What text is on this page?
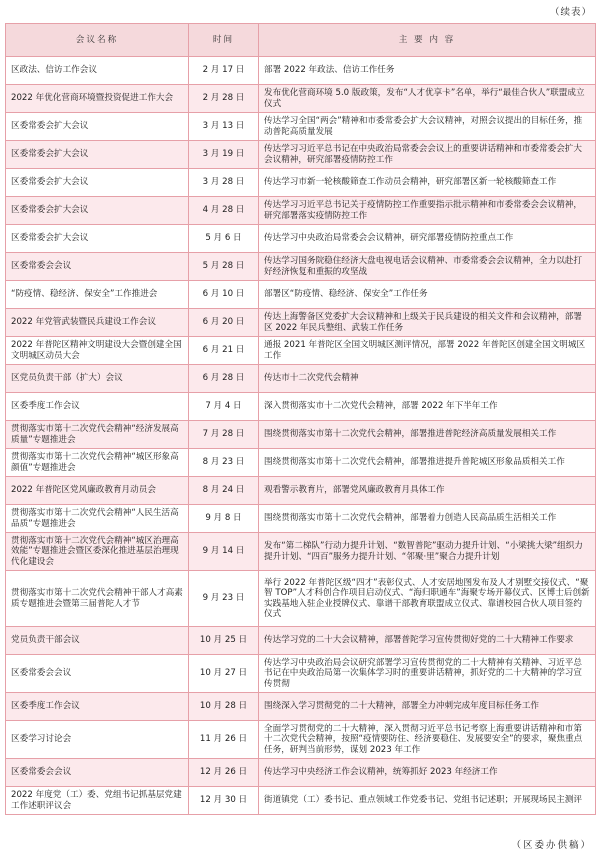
（续表）
会议名称	时间	主 要 内 容
区政法、信访工作会议	2 月 17 日	部署 2022 年政法、信访工作任务
2022 年优化营商环境暨投资促进工作大会	2 月 28 日	发布优化营商环境 5.0 版政策，发布“人才优享卡”名单，举行“最佳合伙人”联盟成立仪式
区委常委会扩大会议	3 月 13 日	传达学习全国“两会”精神和市委常委会扩大会议精神，对照会议提出的目标任务，推动普陀高质量发展
区委常委会扩大会议	3 月 19 日	传达学习习近平总书记在中央政治局常委会会议上的重要讲话精神和市委常委会扩大会议精神，研究部署疫情防控工作
区委常委会扩大会议	3 月 28 日	传达学习市新一轮核酸筛查工作动员会精神，研究部署区新一轮核酸筛查工作
区委常委会扩大会议	4 月 28 日	传达学习习近平总书记关于疫情防控工作重要指示批示精神和市委常委会会议精神，研究部署落实疫情防控工作
区委常委会扩大会议	5 月 6 日	传达学习中央政治局常委会会议精神，研究部署疫情防控重点工作
区委常委会会议	5 月 28 日	传达学习国务院稳住经济大盘电视电话会议精神、市委常委会会议精神，全力以赴打好经济恢复和重振的攻坚战
“防疫情、稳经济、保安全”工作推进会	6 月 10 日	部署区“防疫情、稳经济、保安全”工作任务
2022 年党管武装暨民兵建设工作会议	6 月 20 日	传达上海警备区党委扩大会议精神和上级关于民兵建设的相关文件和会议精神，部署区 2022 年民兵整组、武装工作任务
2022 年普陀区精神文明建设大会暨创建全国文明城区动员大会	6 月 21 日	通报 2021 年普陀区全国文明城区测评情况，部署 2022 年普陀区创建全国文明城区工作
区党员负责干部（扩大）会议	6 月 28 日	传达市十二次党代会精神
区委季度工作会议	7 月 4 日	深入贯彻落实市十二次党代会精神，部署 2022 年下半年工作
贯彻落实市第十二次党代会精神“经济发展高质量”专题推进会	7 月 28 日	围绕贯彻落实市第十二次党代会精神，部署推进普陀经济高质量发展相关工作
贯彻落实市第十二次党代会精神“城区形象高颜值”专题推进会	8 月 23 日	围绕贯彻落实市第十二次党代会精神，部署推进提升普陀城区形象品质相关工作
2022 年普陀区党风廉政教育月动员会	8 月 24 日	观看警示教育片，部署党风廉政教育月具体工作
贯彻落实市第十二次党代会精神“人民生活高品质”专题推进会	9 月 8 日	围绕贯彻落实市第十二次党代会精神，部署着力创造人民高品质生活相关工作
贯彻落实市第十二次党代会精神“城区治理高效能”专题推进会暨区委深化推进基层治理现代化建设会	9 月 14 日	发布“第二梯队”行动力提升计划、“数智普陀”驱动力提升计划、“小梁挑大梁”组织力提升计划、“四百”服务力提升计划、“邻聚·里”聚合力提升计划
贯彻落实市第十二次党代会精神干部人才高素质专题推进会暨第三届普陀人才节	9 月 23 日	举行 2022 年普陀区级“四才”表彰仪式、人才安居地图发布及人才别墅交接仪式、“聚智 TOP”人才科创合作项目启动仪式、“海归职通车”海聚专场开幕仪式、区博士后创新实践基地入驻企业授牌仪式、靠谱干部教育联盟成立仪式、靠谱校园合伙人项目签约仪式
党员负责干部会议	10 月 25 日	传达学习党的二十大会议精神，部署普陀学习宣传贯彻好党的二十大精神工作要求
区委常委会会议	10 月 27 日	传达学习中央政治局会议研究部署学习宣传贯彻党的二十大精神有关精神、习近平总书记在中央政治局第一次集体学习时的重要讲话精神，抓好党的二十大精神的学习宣传贯彻
区委季度工作会议	10 月 28 日	围绕深入学习贯彻党的二十大精神，部署全力冲刺完成年度目标任务工作
区委学习讨论会	11 月 26 日	全面学习贯彻党的二十大精神，深入贯彻习近平总书记考察上海重要讲话精神和市第十二次党代会精神，按照“疫情要防住、经济要稳住、发展要安全”的要求，聚焦重点任务，研判当前形势，谋划 2023 年工作
区委常委会会议	12 月 26 日	传达学习中央经济工作会议精神，统筹抓好 2023 年经济工作
2022 年度党（工）委、党组书记抓基层党建工作述职评议会	12 月 30 日	街道镇党（工）委书记、重点领域工作党委书记、党组书记述职；开展现场民主测评
（区委办供稿）
